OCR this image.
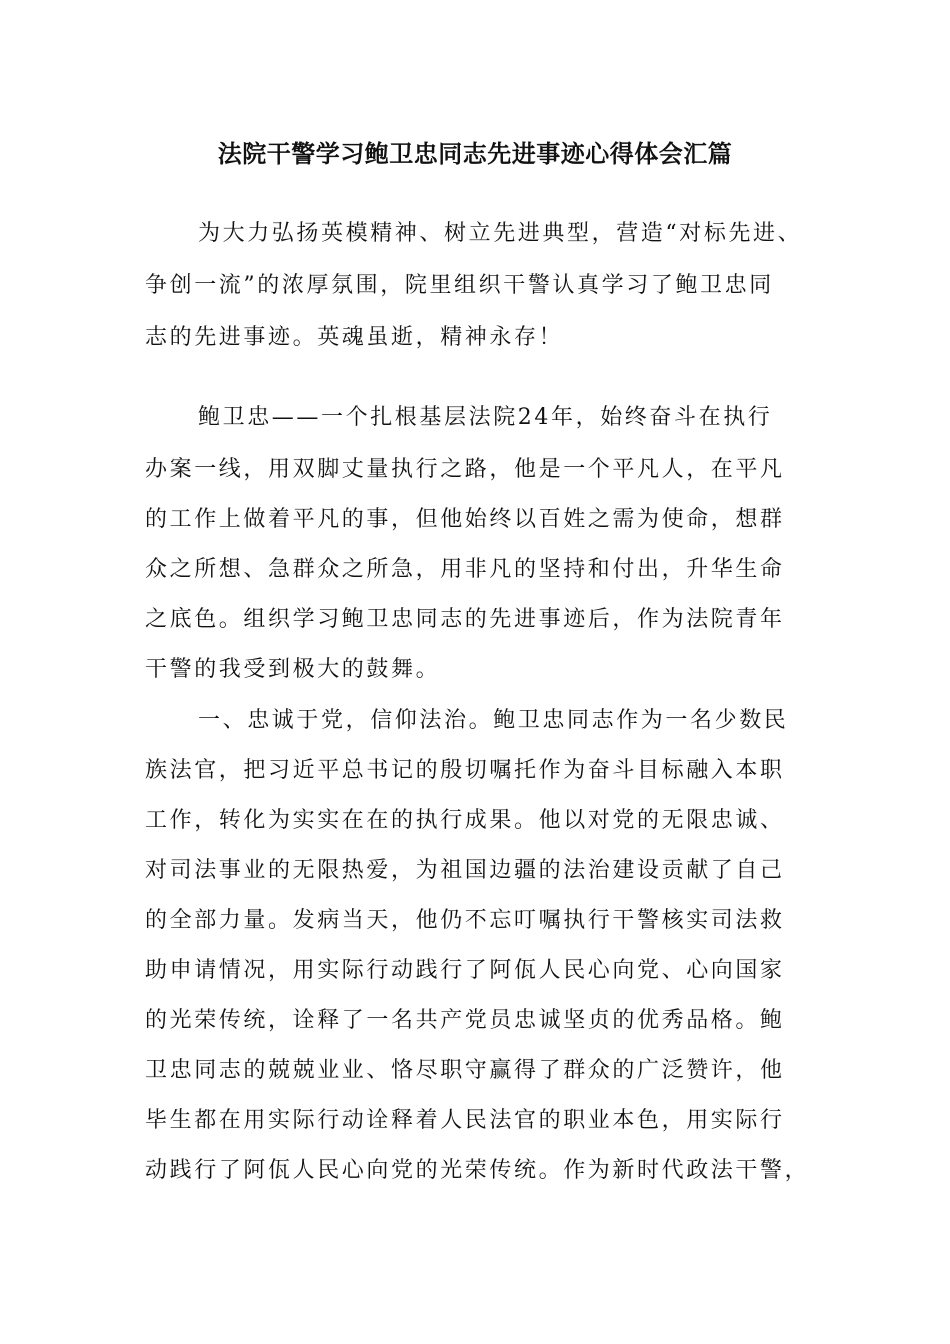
法院干警学习鲍卫忠同志先进事迹心得体会汇篇
为大力弘扬英模精神、树立先进典型，营造“对标先进、
争创一流”的浓厚氛围，院里组织干警认真学习了鲍卫忠同
志的先进事迹。英魂虽逝，精神永存！
鲍卫忠——一个扎根基层法院24年，始终奋斗在执行
办案一线，用双脚丈量执行之路，他是一个平凡人，在平凡
的工作上做着平凡的事，但他始终以百姓之需为使命，想群
众之所想、急群众之所急，用非凡的坚持和付出，升华生命
之底色。组织学习鲍卫忠同志的先进事迹后，作为法院青年
干警的我受到极大的鼓舞。
一、忠诚于党，信仰法治。鲍卫忠同志作为一名少数民
族法官，把习近平总书记的殷切嘱托作为奋斗目标融入本职
工作，转化为实实在在的执行成果。他以对党的无限忠诚、
对司法事业的无限热爱，为祖国边疆的法治建设贡献了自己
的全部力量。发病当天，他仍不忘叮嘱执行干警核实司法救
助申请情况，用实际行动践行了阿佤人民心向党、心向国家
的光荣传统，诠释了一名共产党员忠诚坚贞的优秀品格。鲍
卫忠同志的兢兢业业、恪尽职守赢得了群众的广泛赞许，他
毕生都在用实际行动诠释着人民法官的职业本色，用实际行
动践行了阿佤人民心向党的光荣传统。作为新时代政法干警，
